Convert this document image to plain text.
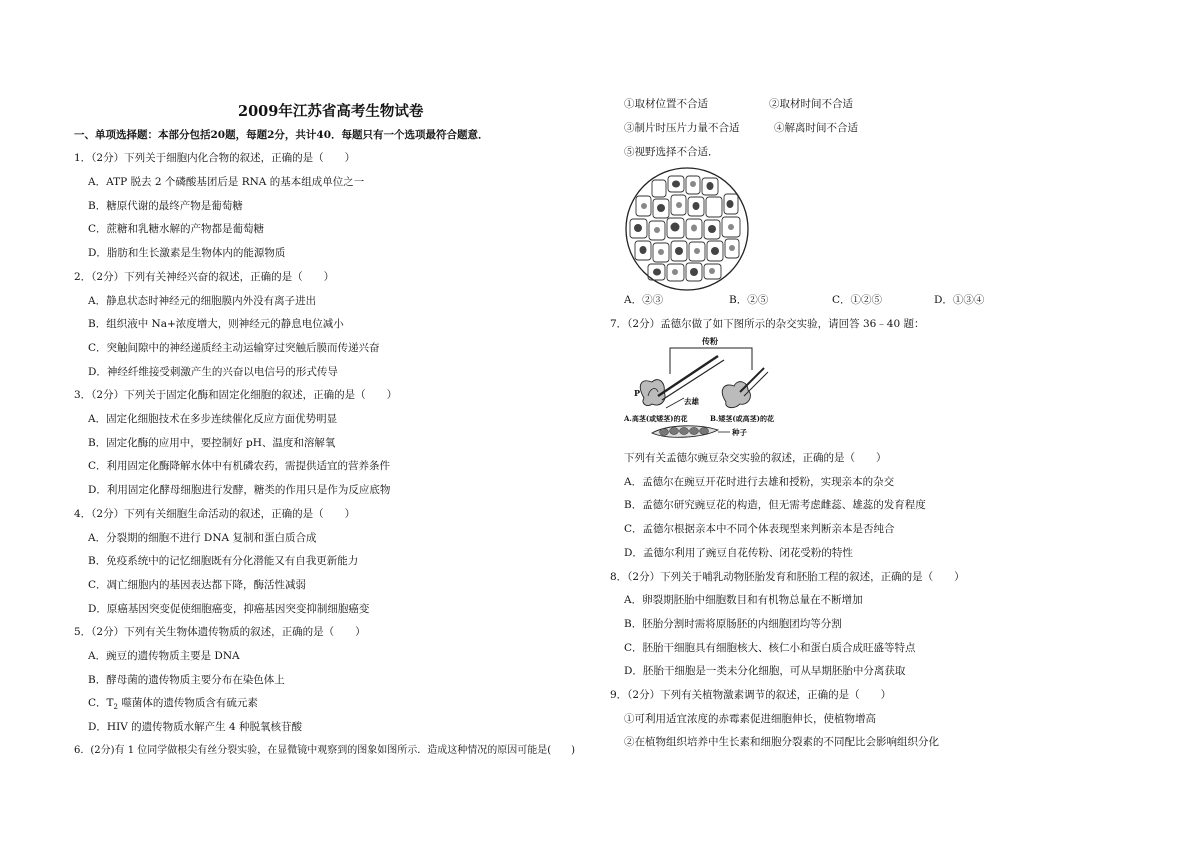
2009年江苏省高考生物试卷
一、单项选择题：本部分包括20题，每题2分，共计40．每题只有一个选项最符合题意．
1．（2分）下列关于细胞内化合物的叙述，正确的是（　　）
A．ATP 脱去 2 个磷酸基团后是 RNA 的基本组成单位之一
B．糖原代谢的最终产物是葡萄糖
C．蔗糖和乳糖水解的产物都是葡萄糖
D．脂肪和生长激素是生物体内的能源物质
2．（2分）下列有关神经兴奋的叙述，正确的是（　　）
A．静息状态时神经元的细胞膜内外没有离子进出
B．组织液中 Na+浓度增大，则神经元的静息电位减小
C．突触间隙中的神经递质经主动运输穿过突触后膜而传递兴奋
D．神经纤维接受刺激产生的兴奋以电信号的形式传导
3．（2分）下列关于固定化酶和固定化细胞的叙述，正确的是（　　）
A．固定化细胞技术在多步连续催化反应方面优势明显
B．固定化酶的应用中，要控制好 pH、温度和溶解氧
C．利用固定化酶降解水体中有机磷农药，需提供适宜的营养条件
D．利用固定化酵母细胞进行发酵，糖类的作用只是作为反应底物
4．（2分）下列有关细胞生命活动的叙述，正确的是（　　）
A．分裂期的细胞不进行 DNA 复制和蛋白质合成
B．免疫系统中的记忆细胞既有分化潜能又有自我更新能力
C．凋亡细胞内的基因表达都下降，酶活性减弱
D．原癌基因突变促使细胞癌变，抑癌基因突变抑制细胞癌变
5．（2分）下列有关生物体遗传物质的叙述，正确的是（　　）
A．豌豆的遗传物质主要是 DNA
B．酵母菌的遗传物质主要分布在染色体上
C．$T_2$ 噬菌体的遗传物质含有硫元素
D．HIV 的遗传物质水解产生 4 种脱氧核苷酸
6．(2分)有 1 位同学做根尖有丝分裂实验，在显微镜中观察到的图象如图所示．造成这种情况的原因可能是(　　)
①取材位置不合适	②取材时间不合适
③制片时压片力量不合适	④解离时间不合适
⑤视野选择不合适．
A．②③	B．②⑤	C．①②⑤	D．①③④
7．（2分）孟德尔做了如下图所示的杂交实验，请回答 36﹣40 题：
传粉
P
去雄
A.高茎(或矮茎)的花	B.矮茎(或高茎)的花
种子
下列有关孟德尔豌豆杂交实验的叙述，正确的是（　　）
A．孟德尔在豌豆开花时进行去雄和授粉，实现亲本的杂交
B．孟德尔研究豌豆花的构造，但无需考虑雌蕊、雄蕊的发育程度
C．孟德尔根据亲本中不同个体表现型来判断亲本是否纯合
D．孟德尔利用了豌豆自花传粉、闭花受粉的特性
8．（2分）下列关于哺乳动物胚胎发育和胚胎工程的叙述，正确的是（　　）
A．卵裂期胚胎中细胞数目和有机物总量在不断增加
B．胚胎分割时需将原肠胚的内细胞团均等分割
C．胚胎干细胞具有细胞核大、核仁小和蛋白质合成旺盛等特点
D．胚胎干细胞是一类未分化细胞，可从早期胚胎中分离获取
9．（2分）下列有关植物激素调节的叙述，正确的是（　　）
①可利用适宜浓度的赤霉素促进细胞伸长，使植物增高
②在植物组织培养中生长素和细胞分裂素的不同配比会影响组织分化
